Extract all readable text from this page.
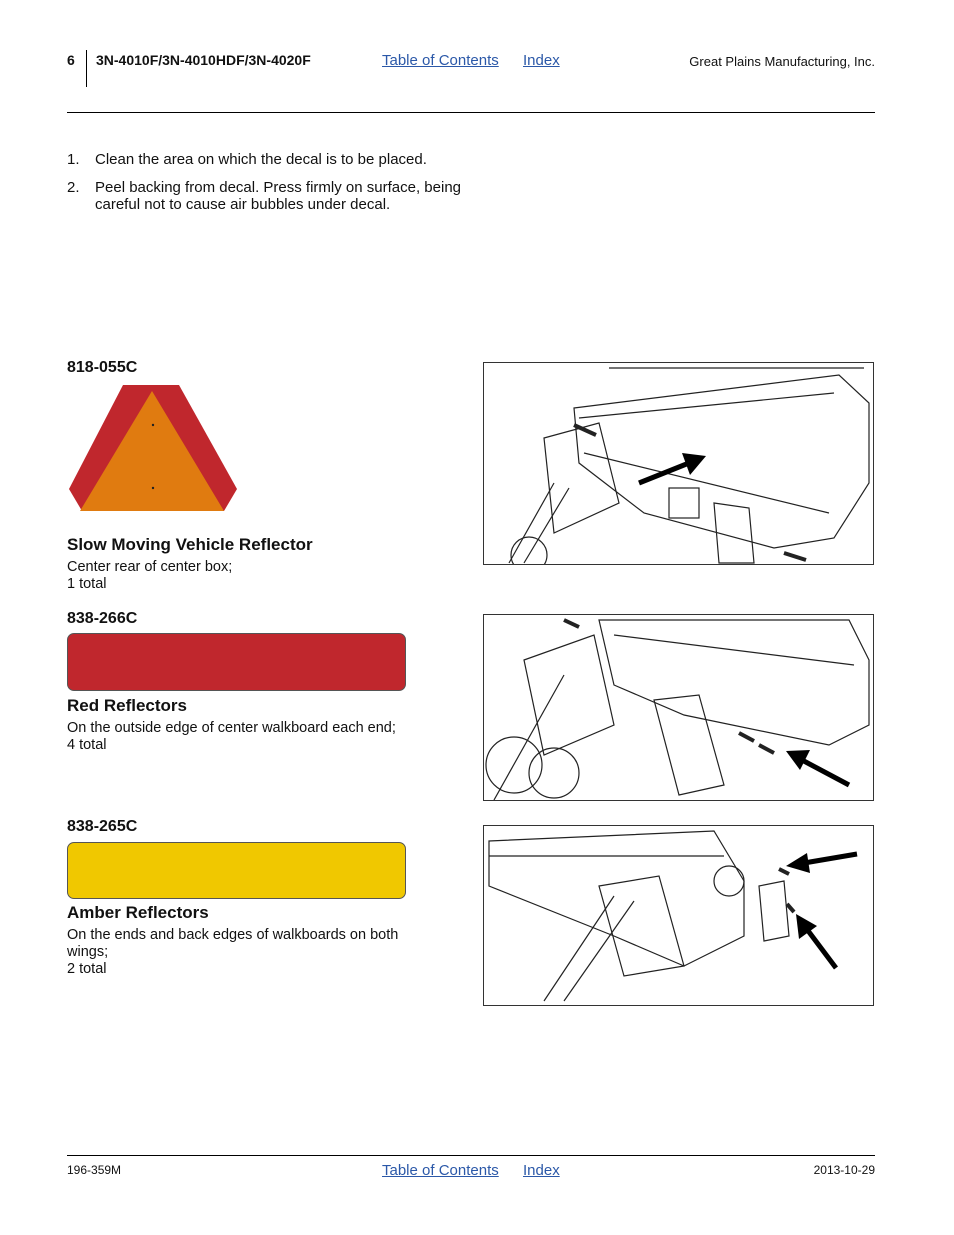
6 3N-4010F/3N-4010HDF/3N-4020F	Table of Contents Index	Great Plains Manufacturing, Inc.
1. Clean the area on which the decal is to be placed.
2. Peel backing from decal. Press firmly on surface, being careful not to cause air bubbles under decal.
818-055C
Slow Moving Vehicle Reflector
Center rear of center box;
1 total
838-266C
Red Reflectors
On the outside edge of center walkboard each end;
4 total
838-265C
Amber Reflectors
On the ends and back edges of walkboards on both wings;
2 total
196-359M	Table of Contents Index	2013-10-29
